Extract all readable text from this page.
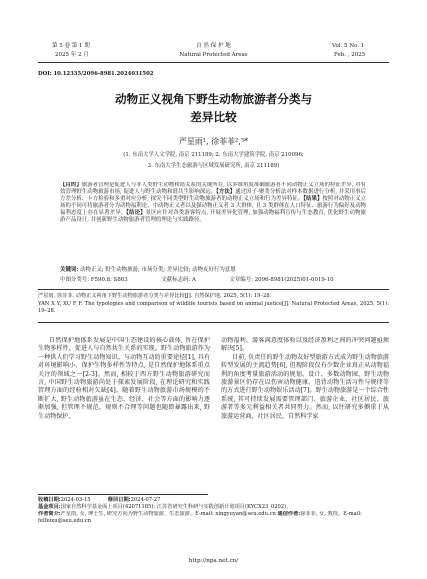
第 5 卷 第 1 期
2025 年 2 月
自 然 保 护 地
Natural Protected Areas
Vol. 5 No. 1
Feb. , 2025
DOI: 10.12335/2096-8981.2024031502
动物正义视角下野生动物旅游者分类与
差异比较
严星雨¹, 徐菲菲²,³*
(1. 东南大学人文学院, 南京 211189; 2. 东南大学建筑学院, 南京 210096;
3. 东南大学生态旅游与区域发展研究所, 南京 211189)
【目的】旅游者管理是促进人与非人类野生动物和谐关系的关键所在, 以多维角度准确旅游者不同动物正义立场的特征差异, 对有效管理野生动物旅游市场, 促进人与野生动物和谐共生影响深远。【方法】通过因子-聚类分析法对样本数据进行分析, 并采用事后方差分析、卡方检验和多重对应分析, 探究不同类型野生动物旅游者的动物正义立场和行为差异特征。【结果】按照对动物正义立场的不同可将旅游者分为动物福利论、中动物正义者以及强动物正义者 3 大群体, 且 3 类群体在人口特征、旅游行为偏好及动物福利态度上存在显著差异。【结论】景区应针对各类游客特点, 开展差异化管理, 加强动物福利宣传与生态教育, 优化野生动物旅游产品设计, 并创新野生动物旅游者管理的理论与实践路径。
关键词: 动物正义; 野生动物旅游; 市场分类; 差异比较; 动物友好行为意愿
中图分类号: F590.8; S863	文献标志码: A	文章编号: 2096-8981(2025)01-0019-10
严星雨, 徐菲菲. 动物正义视角下野生动物旅游者分类与差异比较[J]. 自然保护地, 2025, 5(1): 19–28.
YAN X Y, XU F F. The typologies and comparison of wildlife tourists based on animal justice[J]. Natural Protected Areas, 2025, 5(1): 19–28.
自然保护地体系发展是中国生态建设的核心载体, 旨在保护生物多样性、促进人与自然共生关系的实现。野生动物旅游作为一种供人们学习野生动物知识、与动物互动的重要途径[1], 具有对环境影响小、保护生物多样性等特点, 是自然保护地体系重点关注的领域之一[2-3]。然而, 相较于西方野生动物旅游研究而言, 中国野生动物旅游尚处于探索发展阶段, 在理论研究和实践管理方面的经验相对欠缺[4]。随着野生动物旅游市场规模的不断扩大, 野生动物旅游虽在生态、经济、社会等方面的影响力逐渐加强, 但管理不规范、规则不合理等问题也随即暴露出来, 野生动物保护、
动物福利、游客满意度体验以及经济盈利之间的冲突问题亟须解决[5]。
目前, 负责任的野生动物友好型旅游方式成为野生动物旅游转型发展的主流趋势[6], 但现阶段仅有少数企业真正从动物福利的角度考量旅游活动的规划、设计、多数动物园、野生动物旅游景区仍存在以伤害动物健康、违背动物生活习性与规律等的方式进行野生动物娱乐活动[7]。野生动物旅游是一个综合性系统, 其可持续发展需要管理部门、旅游企业、社区居民、旅游者等多元利益相关者共同努力。然而, 以往研究多侧重于从旅游运营商、社区居民、自然科学家
收稿日期:2024-03-15	修回日期:2024-07-27
基金项目:国家自然科学基金面上项目(42071185); 江苏省研究生科研与实践创新计划项目(KYCX23_0202)。
作者简介:严星雨, 女, 博士生, 研究方向为野生动物旅游、生态旅游。E-mail: xingyuyan@seu.edu.cn 通信作者:徐菲菲, 女, 教授。E-mail: feifeixu@seu.edu.cn
http://npa.net.cn/
